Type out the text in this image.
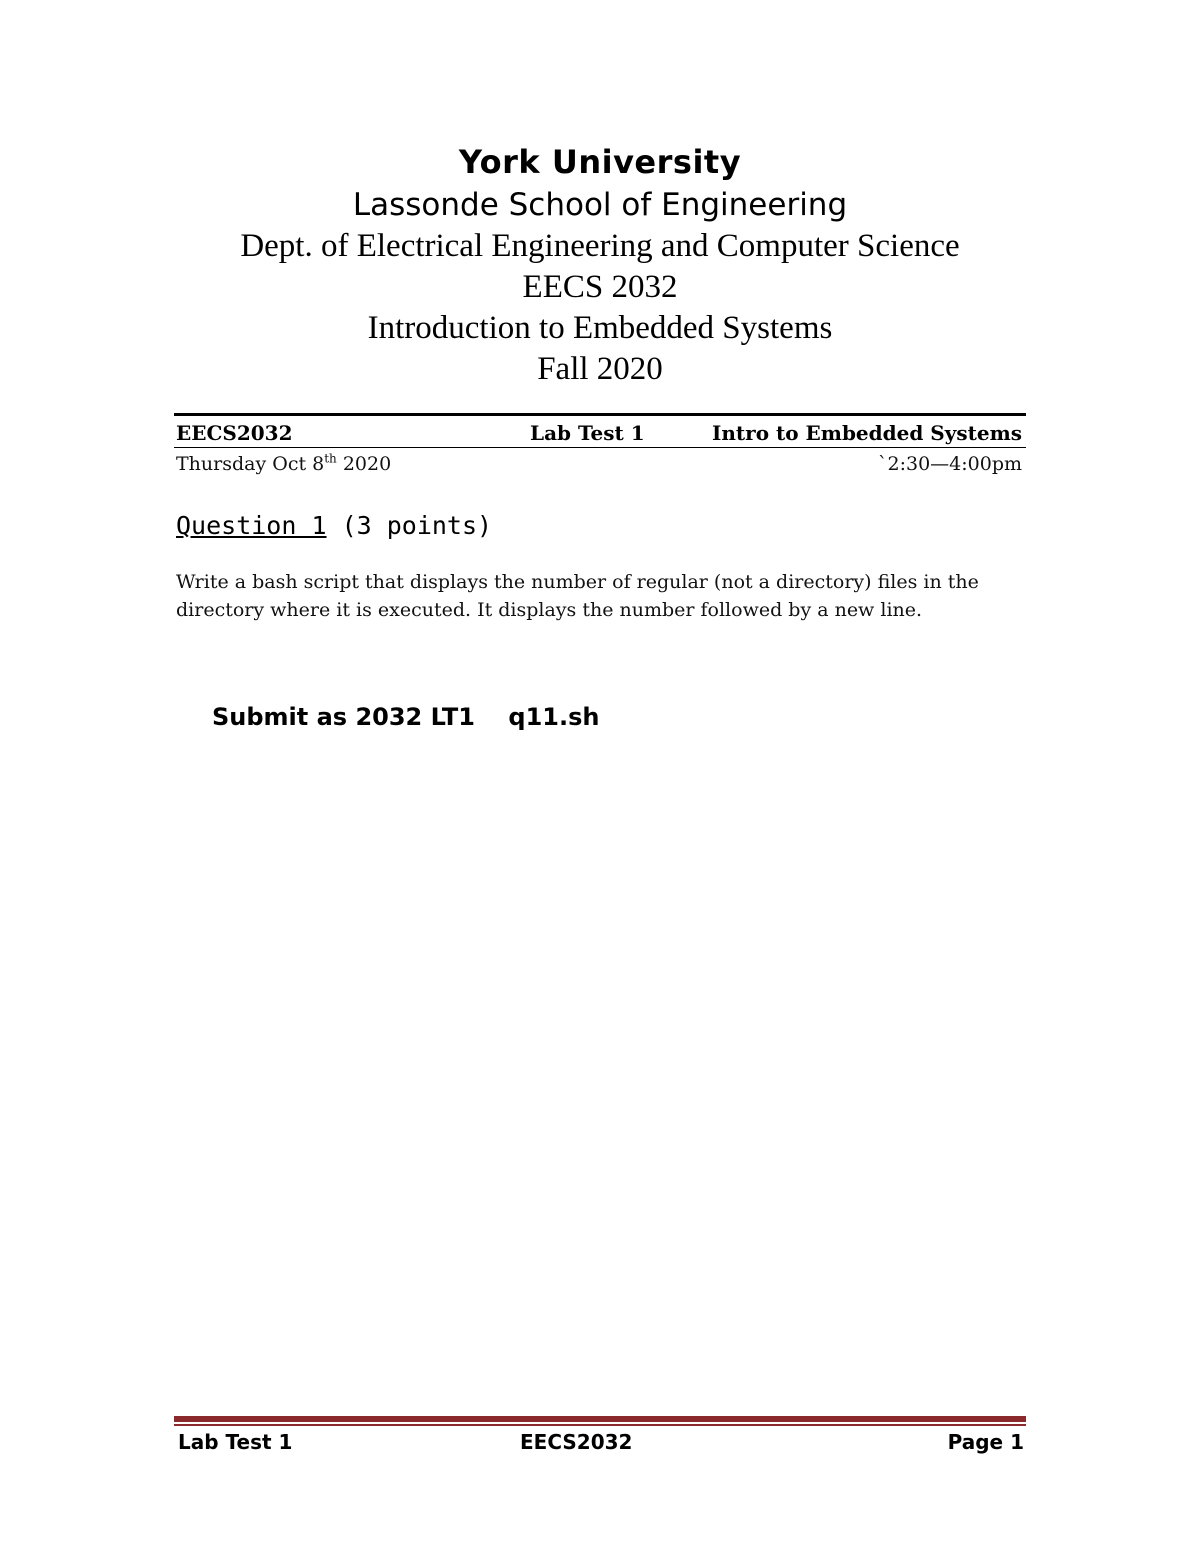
York University
Lassonde School of Engineering
Dept. of Electrical Engineering and Computer Science
EECS 2032
Introduction to Embedded Systems
Fall 2020
EECS2032	Lab Test 1	Intro to Embedded Systems
Thursday Oct 8th 2020	`2:30—4:00pm
Question 1 (3 points)
Write a bash script that displays the number of regular (not a directory) files in the directory where it is executed. It displays the number followed by a new line.
Submit as 2032 LT1    q11.sh
Lab Test 1	EECS2032	Page 1
